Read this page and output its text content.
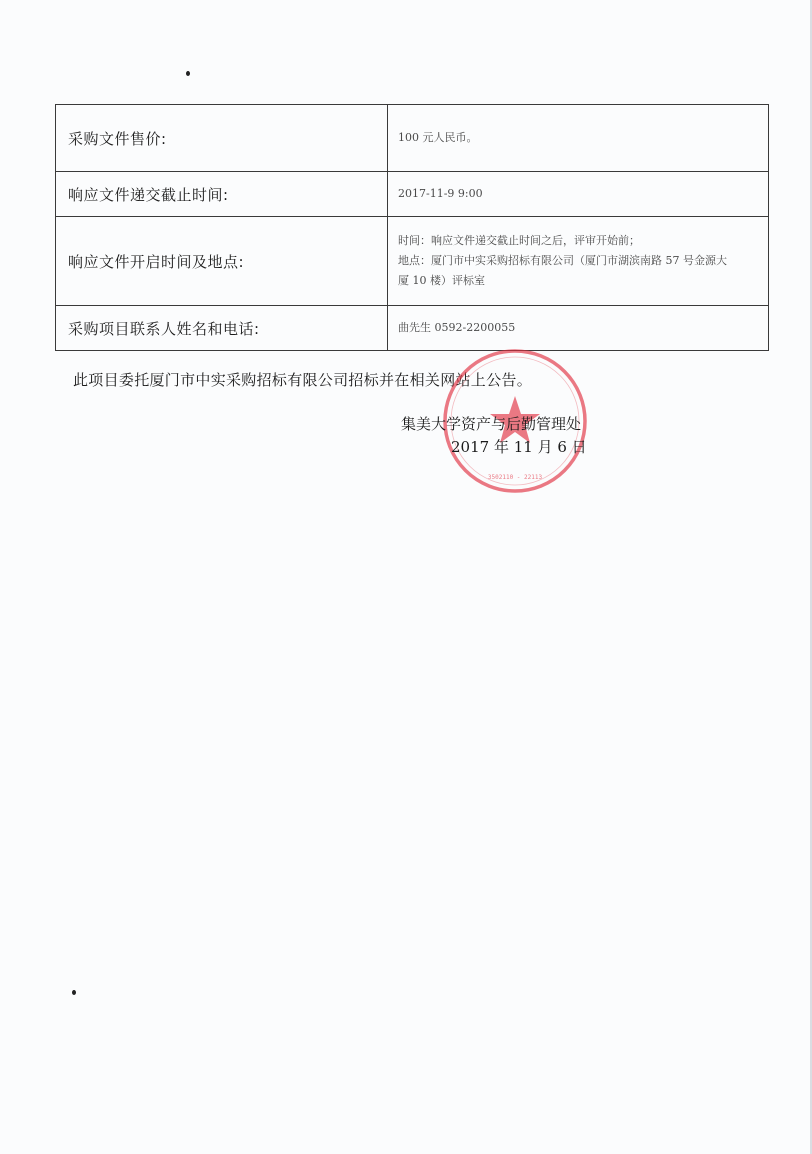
采购文件售价:	100 元人民币。

响应文件递交截止时间:	2017-11-9 9:00

响应文件开启时间及地点:	时间：响应文件递交截止时间之后，评审开始前；
地点：厦门市中实采购招标有限公司（厦门市湖滨南路 57 号金源大
厦 10 楼）评标室

采购项目联系人姓名和电话:	曲先生 0592-2200055
此项目委托厦门市中实采购招标有限公司招标并在相关网站上公告。
3502110 - 22113
集美大学资产与后勤管理处
2017 年 11 月 6 日
